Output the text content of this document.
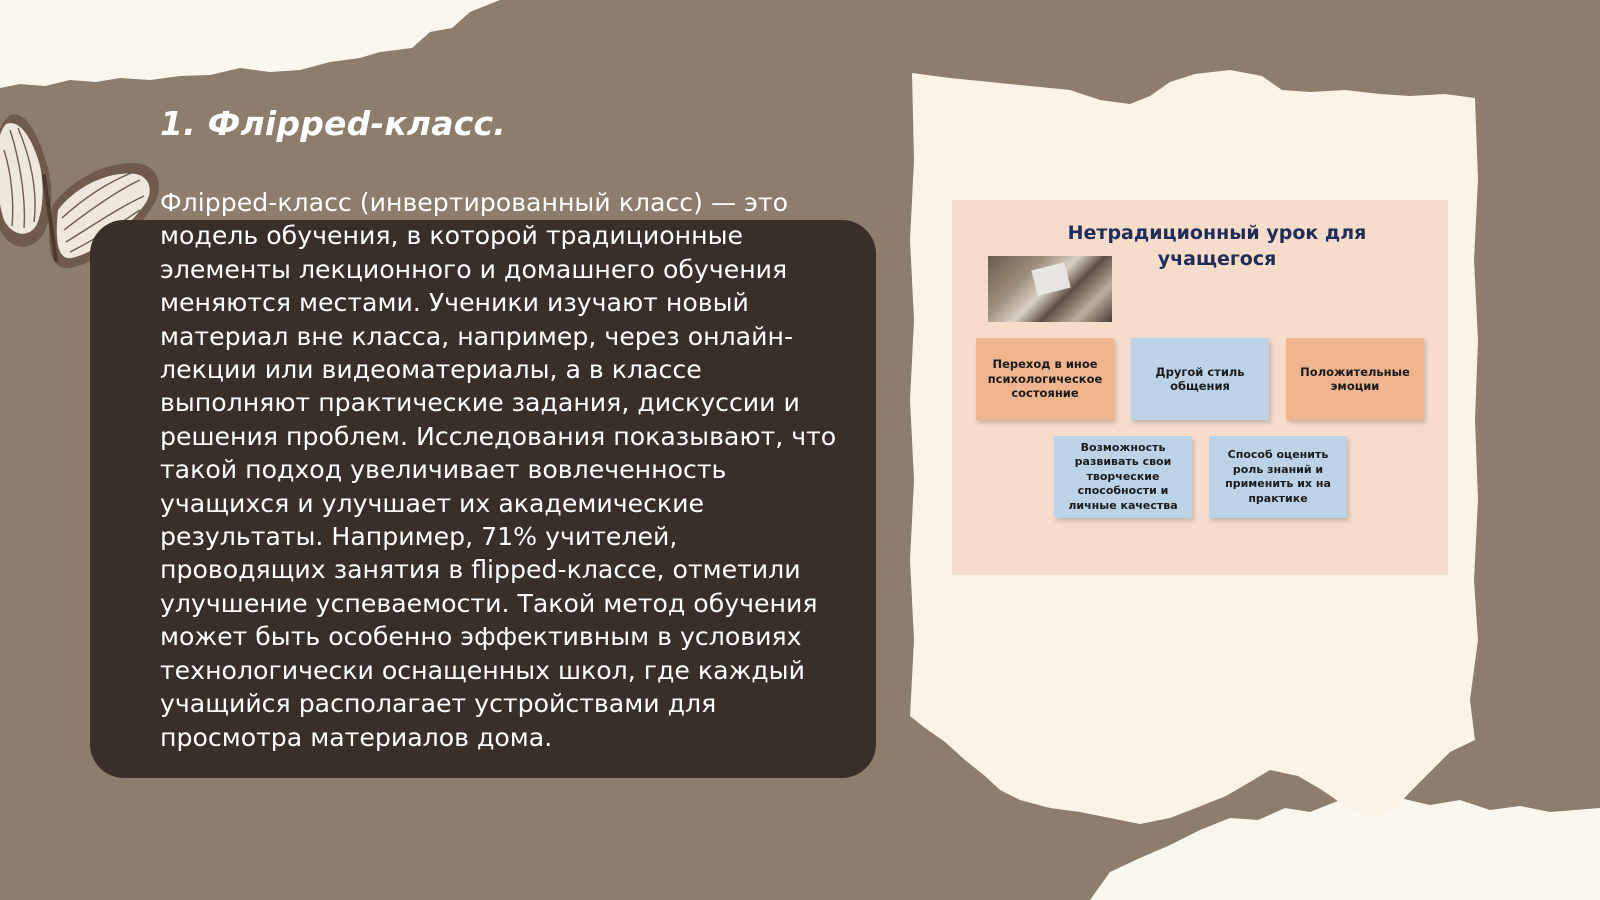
1. Флipped-класс.

Флipped-класс (инвертированный класс) — это модель обучения, в которой традиционные элементы лекционного и домашнего обучения меняются местами. Ученики изучают новый материал вне класса, например, через онлайн-лекции или видеоматериалы, а в классе выполняют практические задания, дискуссии и решения проблем. Исследования показывают, что такой подход увеличивает вовлеченность учащихся и улучшает их академические результаты. Например, 71% учителей, проводящих занятия в flipped-классе, отметили улучшение успеваемости. Такой метод обучения может быть особенно эффективным в условиях технологически оснащенных школ, где каждый учащийся располагает устройствами для просмотра материалов дома.

Нетрадиционный урок для учащегося

Переход в иное психологическое состояние
Другой стиль общения
Положительные эмоции
Возможность развивать свои творческие способности и личные качества
Способ оценить роль знаний и применить их на практике
